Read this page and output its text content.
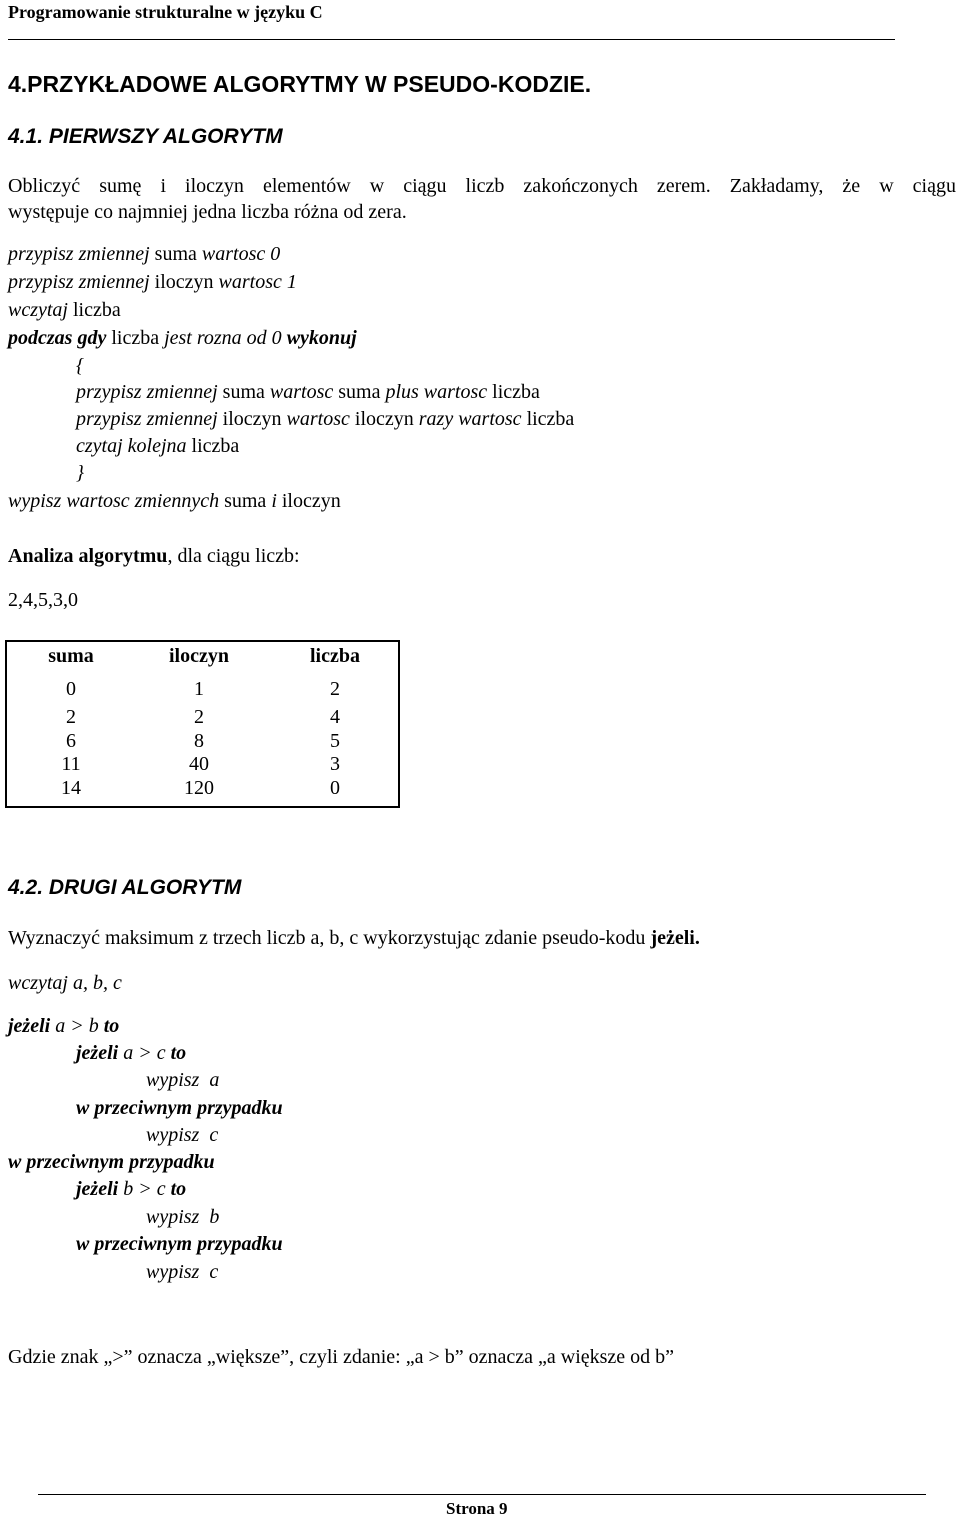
Programowanie strukturalne w języku C
4.PRZYKŁADOWE ALGORYTMY W PSEUDO-KODZIE.
4.1. PIERWSZY ALGORYTM
Obliczyć sumę i iloczyn elementów w ciągu liczb zakończonych zerem. Zakładamy, że w ciągu
występuje co najmniej jedna liczba różna od zera.
przypisz zmiennej suma wartosc 0
przypisz zmiennej iloczyn wartosc 1
wczytaj liczba
podczas gdy liczba jest rozna od 0 wykonuj
{
przypisz zmiennej suma wartosc suma plus wartosc liczba
przypisz zmiennej iloczyn wartosc iloczyn razy wartosc liczba
czytaj kolejna liczba
}
wypisz wartosc zmiennych suma i iloczyn
Analiza algorytmu, dla ciągu liczb:
2,4,5,3,0
suma	iloczyn	liczba
0	1	2
2	2	4
6	8	5
11	40	3
14	120	0
4.2. DRUGI ALGORYTM
Wyznaczyć maksimum z trzech liczb a, b, c wykorzystując zdanie pseudo-kodu jeżeli.
wczytaj a, b, c
jeżeli a > b to
jeżeli a > c to
wypisz  a
w przeciwnym przypadku
wypisz  c
w przeciwnym przypadku
jeżeli b > c to
wypisz  b
w przeciwnym przypadku
wypisz  c
Gdzie znak „>” oznacza „większe”, czyli zdanie: „a > b” oznacza „a większe od b”
Strona 9
